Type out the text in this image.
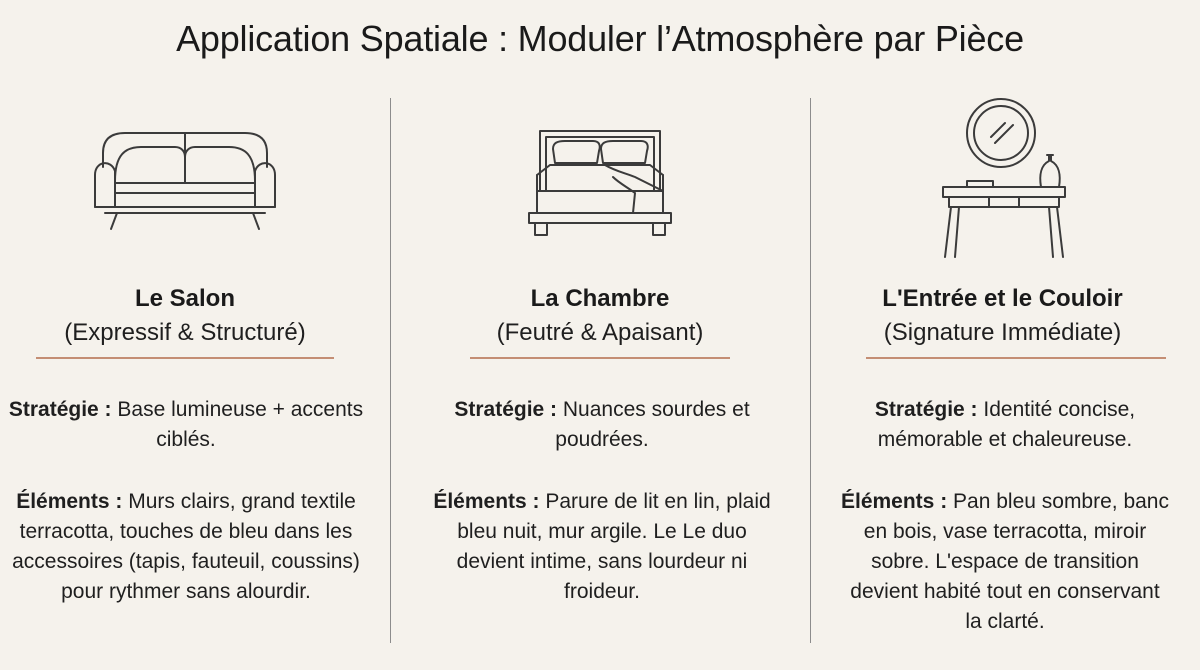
Application Spatiale : Moduler l’Atmosphère par Pièce
Le Salon
(Expressif & Structuré)
Stratégie : Base lumineuse + accents ciblés.
Éléments : Murs clairs, grand textile terracotta, touches de bleu dans les accessoires (tapis, fauteuil, coussins) pour rythmer sans alourdir.
La Chambre
(Feutré & Apaisant)
Stratégie : Nuances sourdes et poudrées.
Éléments : Parure de lit en lin, plaid bleu nuit, mur argile. Le Le duo devient intime, sans lourdeur ni froideur.
L'Entrée et le Couloir
(Signature Immédiate)
Stratégie : Identité concise, mémorable et chaleureuse.
Éléments : Pan bleu sombre, banc en bois, vase terracotta, miroir sobre. L'espace de transition devient habité tout en conservant la clarté.
